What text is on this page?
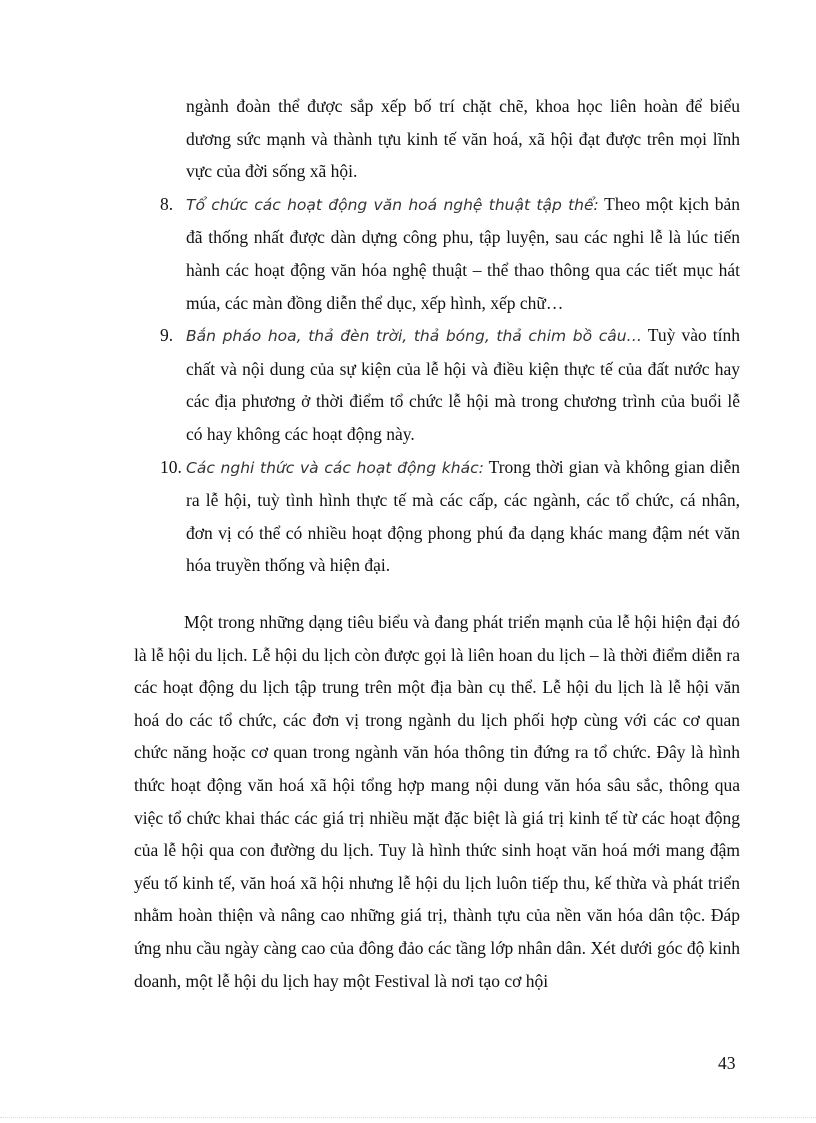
ngành đoàn thể được sắp xếp bố trí chặt chẽ, khoa học liên hoàn để biểu dương sức mạnh và thành tựu kinh tế văn hoá, xã hội đạt được trên mọi lĩnh vực của đời sống xã hội.
8. Tổ chức các hoạt động văn hoá nghệ thuật tập thể: Theo một kịch bản đã thống nhất được dàn dựng công phu, tập luyện, sau các nghi lễ là lúc tiến hành các hoạt động văn hóa nghệ thuật – thể thao thông qua các tiết mục hát múa, các màn đồng diễn thể dục, xếp hình, xếp chữ…
9. Bắn pháo hoa, thả đèn trời, thả bóng, thả chim bồ câu… Tuỳ vào tính chất và nội dung của sự kiện của lễ hội và điều kiện thực tế của đất nước hay các địa phương ở thời điểm tổ chức lễ hội mà trong chương trình của buổi lễ có hay không các hoạt động này.
10. Các nghi thức và các hoạt động khác: Trong thời gian và không gian diễn ra lễ hội, tuỳ tình hình thực tế mà các cấp, các ngành, các tổ chức, cá nhân, đơn vị có thể có nhiều hoạt động phong phú đa dạng khác mang đậm nét văn hóa truyền thống và hiện đại.
Một trong những dạng tiêu biểu và đang phát triển mạnh của lễ hội hiện đại đó là lễ hội du lịch. Lễ hội du lịch còn được gọi là liên hoan du lịch – là thời điểm diễn ra các hoạt động du lịch tập trung trên một địa bàn cụ thể. Lễ hội du lịch là lễ hội văn hoá do các tổ chức, các đơn vị trong ngành du lịch phối hợp cùng với các cơ quan chức năng hoặc cơ quan trong ngành văn hóa thông tin đứng ra tổ chức. Đây là hình thức hoạt động văn hoá xã hội tổng hợp mang nội dung văn hóa sâu sắc, thông qua việc tổ chức khai thác các giá trị nhiều mặt đặc biệt là giá trị kinh tế từ các hoạt động của lễ hội qua con đường du lịch. Tuy là hình thức sinh hoạt văn hoá mới mang đậm yếu tố kinh tế, văn hoá xã hội nhưng lễ hội du lịch luôn tiếp thu, kế thừa và phát triển nhằm hoàn thiện và nâng cao những giá trị, thành tựu của nền văn hóa dân tộc. Đáp ứng nhu cầu ngày càng cao của đông đảo các tầng lớp nhân dân. Xét dưới góc độ kinh doanh, một lễ hội du lịch hay một Festival là nơi tạo cơ hội
43
